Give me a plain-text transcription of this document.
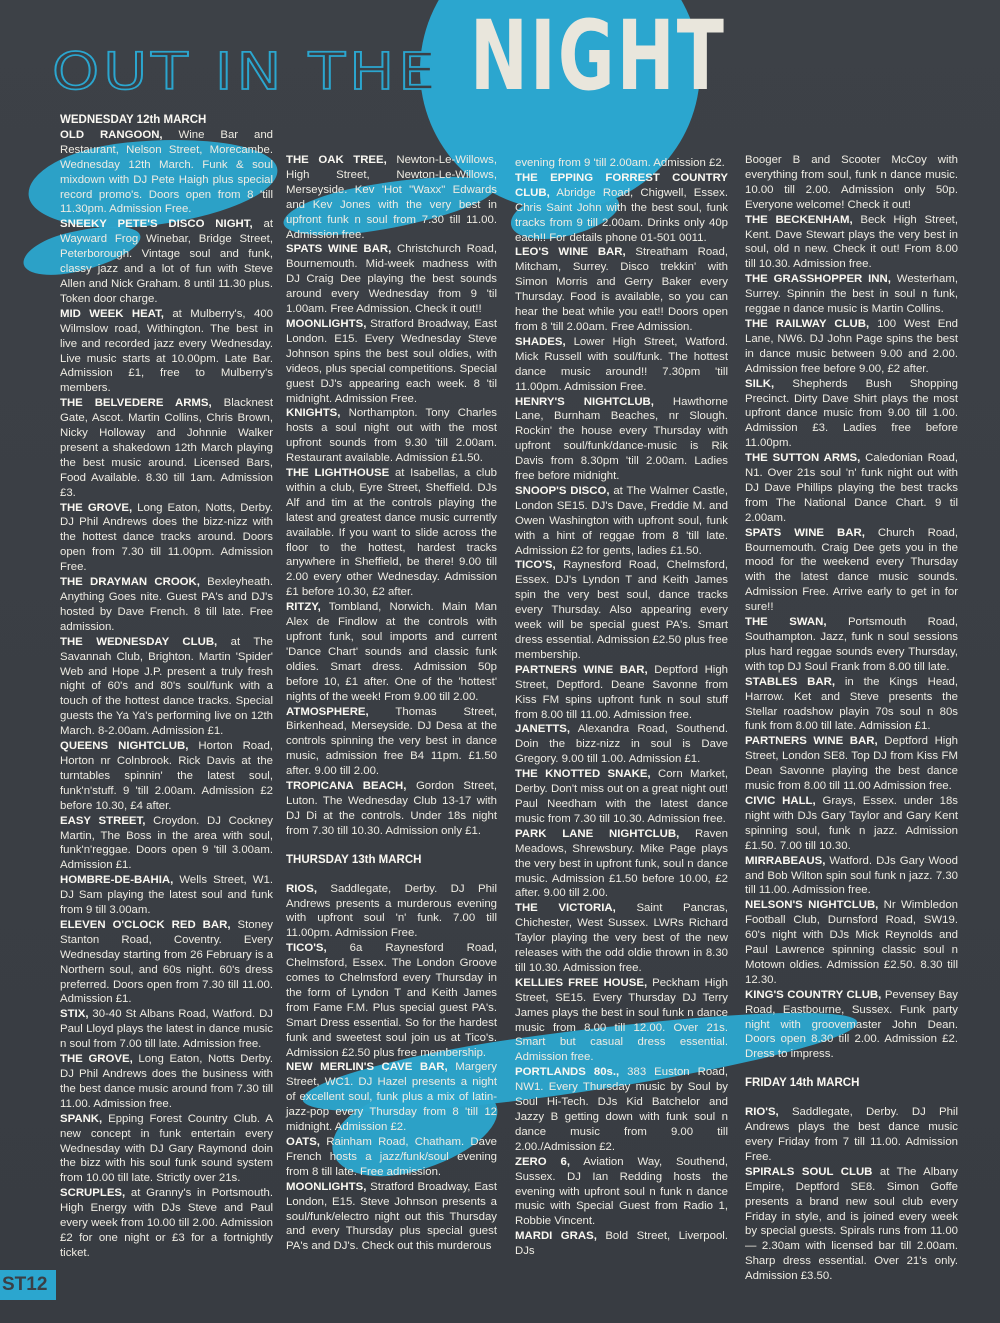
OUT IN THE NIGHT

WEDNESDAY 12th MARCH

OLD RANGOON, Wine Bar and Restaurant, Nelson Street, Morecambe. Wednesday 12th March. Funk & soul mixdown with DJ Pete Haigh plus special record promo's. Doors open from 8 'till 11.30pm. Admission Free.

SNEEKY PETE'S DISCO NIGHT, at Wayward Frog Winebar, Bridge Street, Peterborough. Vintage soul and funk, classy jazz and a lot of fun with Steve Allen and Nick Graham. 8 until 11.30 plus. Token door charge.

MID WEEK HEAT, at Mulberry's, 400 Wilmslow road, Withington. The best in live and recorded jazz every Wednesday. Live music starts at 10.00pm. Late Bar. Admission £1, free to Mulberry's members.

THE BELVEDERE ARMS, Blacknest Gate, Ascot. Martin Collins, Chris Brown, Nicky Holloway and Johnnie Walker present a shakedown 12th March playing the best music around. Licensed Bars, Food Available. 8.30 till 1am. Admission £3.

THE GROVE, Long Eaton, Notts, Derby. DJ Phil Andrews does the bizz-nizz with the hottest dance tracks around. Doors open from 7.30 till 11.00pm. Admission Free.

THE DRAYMAN CROOK, Bexleyheath. Anything Goes nite. Guest PA's and DJ's hosted by Dave French. 8 till late. Free admission.

THE WEDNESDAY CLUB, at The Savannah Club, Brighton. Martin 'Spider' Web and Hope J.P. present a truly fresh night of 60's and 80's soul/funk with a touch of the hottest dance tracks. Special guests the Ya Ya's performing live on 12th March. 8-2.00am. Admission £1.

QUEENS NIGHTCLUB, Horton Road, Horton nr Colnbrook. Rick Davis at the turntables spinnin' the latest soul, funk'n'stuff. 9 'till 2.00am. Admission £2 before 10.30, £4 after.

EASY STREET, Croydon. DJ Cockney Martin, The Boss in the area with soul, funk'n'reggae. Doors open 9 'till 3.00am. Admission £1.

HOMBRE-DE-BAHIA, Wells Street, W1. DJ Sam playing the latest soul and funk from 9 till 3.00am.

ELEVEN O'CLOCK RED BAR, Stoney Stanton Road, Coventry. Every Wednesday starting from 26 February is a Northern soul, and 60s night. 60's dress preferred. Doors open from 7.30 till 11.00. Admission £1.

STIX, 30-40 St Albans Road, Watford. DJ Paul Lloyd plays the latest in dance music n soul from 7.00 till late. Admission free.

THE GROVE, Long Eaton, Notts Derby. DJ Phil Andrews does the business with the best dance music around from 7.30 till 11.00. Admission free.

SPANK, Epping Forest Country Club. A new concept in funk entertain every Wednesday with DJ Gary Raymond doin the bizz with his soul funk sound system from 10.00 till late. Strictly over 21s.

SCRUPLES, at Granny's in Portsmouth. High Energy with DJs Steve and Paul every week from 10.00 till 2.00. Admission £2 for one night or £3 for a fortnightly ticket.

THE OAK TREE, Newton-Le-Willows, High Street, Newton-Le-Willows, Merseyside. Kev 'Hot "Waxx" Edwards and Kev Jones with the very best in upfront funk n soul from 7.30 till 11.00. Admission free.

SPATS WINE BAR, Christchurch Road, Bournemouth. Mid-week madness with DJ Craig Dee playing the best sounds around every Wednesday from 9 'til 1.00am. Free Admission. Check it out!!

MOONLIGHTS, Stratford Broadway, East London. E15. Every Wednesday Steve Johnson spins the best soul oldies, with videos, plus special competitions. Special guest DJ's appearing each week. 8 'til midnight. Admission Free.

KNIGHTS, Northampton. Tony Charles hosts a soul night out with the most upfront sounds from 9.30 'till 2.00am. Restaurant available. Admission £1.50.

THE LIGHTHOUSE at Isabellas, a club within a club, Eyre Street, Sheffield. DJs Alf and tim at the controls playing the latest and greatest dance music currently available. If you want to slide across the floor to the hottest, hardest tracks anywhere in Sheffield, be there! 9.00 till 2.00 every other Wednesday. Admission £1 before 10.30, £2 after.

RITZY, Tombland, Norwich. Main Man Alex de Findlow at the controls with upfront funk, soul imports and current 'Dance Chart' sounds and classic funk oldies. Smart dress. Admission 50p before 10, £1 after. One of the 'hottest' nights of the week! From 9.00 till 2.00.

ATMOSPHERE, Thomas Street, Birkenhead, Merseyside. DJ Desa at the controls spinning the very best in dance music, admission free B4 11pm. £1.50 after. 9.00 till 2.00.

TROPICANA BEACH, Gordon Street, Luton. The Wednesday Club 13-17 with DJ Di at the controls. Under 18s night from 7.30 till 10.30. Admission only £1.

THURSDAY 13th MARCH

RIOS, Saddlegate, Derby. DJ Phil Andrews presents a murderous evening with upfront soul 'n' funk. 7.00 till 11.00pm. Admission Free.

TICO'S, 6a Raynesford Road, Chelmsford, Essex. The London Groove comes to Chelmsford every Thursday in the form of Lyndon T and Keith James from Fame F.M. Plus special guest PA's. Smart Dress essential. So for the hardest funk and sweetest soul join us at Tico's. Admission £2.50 plus free membership.

NEW MERLIN'S CAVE BAR, Margery Street, WC1. DJ Hazel presents a night of excellent soul, funk plus a mix of latin-jazz-pop every Thursday from 8 'till 12 midnight. Admission £2.

OATS, Rainham Road, Chatham. Dave French hosts a jazz/funk/soul evening from 8 till late. Free admission.

MOONLIGHTS, Stratford Broadway, East London, E15. Steve Johnson presents a soul/funk/electro night out this Thursday and every Thursday plus special guest PA's and DJ's. Check out this murderous

evening from 9 'till 2.00am. Admission £2.

THE EPPING FORREST COUNTRY CLUB, Abridge Road, Chigwell, Essex. Chris Saint John with the best soul, funk tracks from 9 till 2.00am. Drinks only 40p each!! For details phone 01-501 0011.

LEO'S WINE BAR, Streatham Road, Mitcham, Surrey. Disco trekkin' with Simon Morris and Gerry Baker every Thursday. Food is available, so you can hear the beat while you eat!! Doors open from 8 'till 2.00am. Free Admission.

SHADES, Lower High Street, Watford. Mick Russell with soul/funk. The hottest dance music around!! 7.30pm 'till 11.00pm. Admission Free.

HENRY'S NIGHTCLUB, Hawthorne Lane, Burnham Beaches, nr Slough. Rockin' the house every Thursday with upfront soul/funk/dance-music is Rik Davis from 8.30pm 'till 2.00am. Ladies free before midnight.

SNOOP'S DISCO, at The Walmer Castle, London SE15. DJ's Dave, Freddie M. and Owen Washington with upfront soul, funk with a hint of reggae from 8 'till late. Admission £2 for gents, ladies £1.50.

TICO'S, Raynesford Road, Chelmsford, Essex. DJ's Lyndon T and Keith James spin the very best soul, dance tracks every Thursday. Also appearing every week will be special guest PA's. Smart dress essential. Admission £2.50 plus free membership.

PARTNERS WINE BAR, Deptford High Street, Deptford. Deane Savonne from Kiss FM spins upfront funk n soul stuff from 8.00 till 11.00. Admission free.

JANETTS, Alexandra Road, Southend. Doin the bizz-nizz in soul is Dave Gregory. 9.00 till 1.00. Admission £1.

THE KNOTTED SNAKE, Corn Market, Derby. Don't miss out on a great night out! Paul Needham with the latest dance music from 7.30 till 10.30. Admission free.

PARK LANE NIGHTCLUB, Raven Meadows, Shrewsbury. Mike Page plays the very best in upfront funk, soul n dance music. Admission £1.50 before 10.00, £2 after. 9.00 till 2.00.

THE VICTORIA, Saint Pancras, Chichester, West Sussex. LWRs Richard Taylor playing the very best of the new releases with the odd oldie thrown in 8.30 till 10.30. Admission free.

KELLIES FREE HOUSE, Peckham High Street, SE15. Every Thursday DJ Terry James plays the best in soul funk n dance music from 8.00 till 12.00. Over 21s. Smart but casual dress essential. Admission free.

PORTLANDS 80s., 383 Euston Road, NW1. Every Thursday music by Soul by Soul Hi-Tech. DJs Kid Batchelor and Jazzy B getting down with funk soul n dance music from 9.00 till 2.00./Admission £2.

ZERO 6, Aviation Way, Southend, Sussex. DJ Ian Redding hosts the evening with upfront soul n funk n dance music with Special Guest from Radio 1, Robbie Vincent.

MARDI GRAS, Bold Street, Liverpool. DJs

Booger B and Scooter McCoy with everything from soul, funk n dance music. 10.00 till 2.00. Admission only 50p. Everyone welcome! Check it out!

THE BECKENHAM, Beck High Street, Kent. Dave Stewart plays the very best in soul, old n new. Check it out! From 8.00 till 10.30. Admission free.

THE GRASSHOPPER INN, Westerham, Surrey. Spinnin the best in soul n funk, reggae n dance music is Martin Collins.

THE RAILWAY CLUB, 100 West End Lane, NW6. DJ John Page spins the best in dance music between 9.00 and 2.00. Admission free before 9.00, £2 after.

SILK, Shepherds Bush Shopping Precinct. Dirty Dave Shirt plays the most upfront dance music from 9.00 till 1.00. Admission £3. Ladies free before 11.00pm.

THE SUTTON ARMS, Caledonian Road, N1. Over 21s soul 'n' funk night out with DJ Dave Phillips playing the best tracks from The National Dance Chart. 9 til 2.00am.

SPATS WINE BAR, Church Road, Bournemouth. Craig Dee gets you in the mood for the weekend every Thursday with the latest dance music sounds. Admission Free. Arrive early to get in for sure!!

THE SWAN, Portsmouth Road, Southampton. Jazz, funk n soul sessions plus hard reggae sounds every Thursday, with top DJ Soul Frank from 8.00 till late.

STABLES BAR, in the Kings Head, Harrow. Ket and Steve presents the Stellar roadshow playin 70s soul n 80s funk from 8.00 till late. Admission £1.

PARTNERS WINE BAR, Deptford High Street, London SE8. Top DJ from Kiss FM Dean Savonne playing the best dance music from 8.00 till 11.00 Admission free.

CIVIC HALL, Grays, Essex. under 18s night with DJs Gary Taylor and Gary Kent spinning soul, funk n jazz. Admission £1.50. 7.00 till 10.30.

MIRRABEAUS, Watford. DJs Gary Wood and Bob Wilton spin soul funk n jazz. 7.30 till 11.00. Admission free.

NELSON'S NIGHTCLUB, Nr Wimbledon Football Club, Durnsford Road, SW19. 60's night with DJs Mick Reynolds and Paul Lawrence spinning classic soul n Motown oldies. Admission £2.50. 8.30 till 12.30.

KING'S COUNTRY CLUB, Pevensey Bay Road, Eastbourne, Sussex. Funk party night with groovemaster John Dean. Doors open 8.30 till 2.00. Admission £2. Dress to impress.

FRIDAY 14th MARCH

RIO'S, Saddlegate, Derby. DJ Phil Andrews plays the best dance music every Friday from 7 till 11.00. Admission Free.

SPIRALS SOUL CLUB at The Albany Empire, Deptford SE8. Simon Goffe presents a brand new soul club every Friday in style, and is joined every week by special guests. Spirals runs from 11.00 — 2.30am with licensed bar till 2.00am. Sharp dress essential. Over 21's only. Admission £3.50.

ST12
